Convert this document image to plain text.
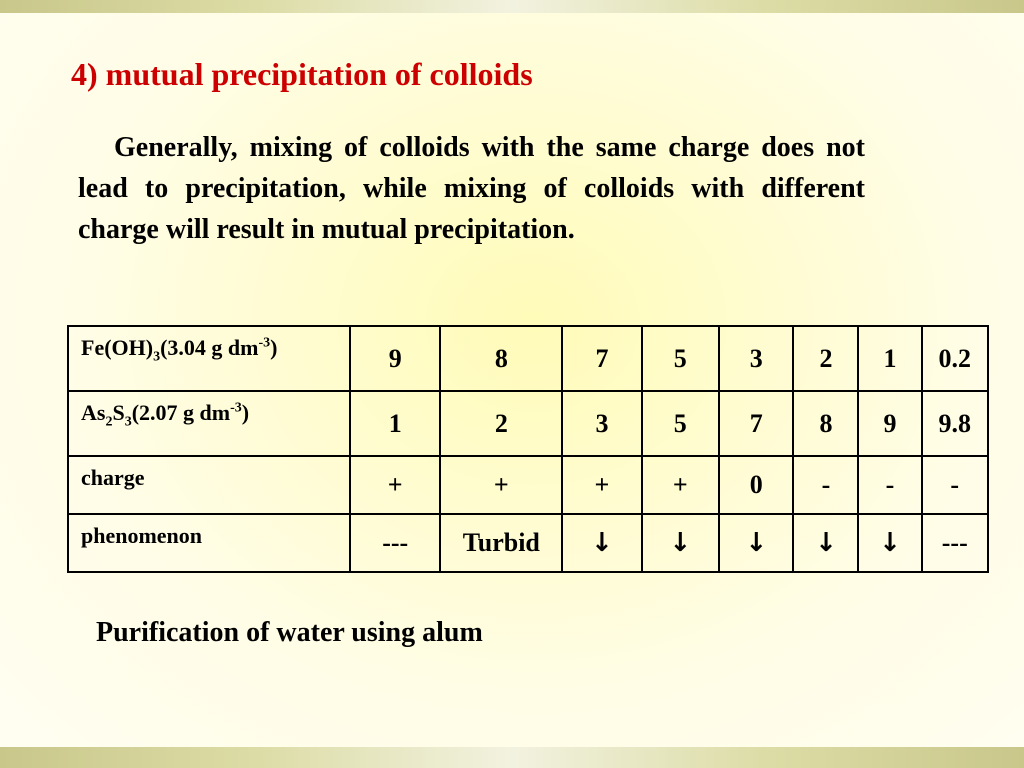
4) mutual precipitation of colloids
Generally, mixing of colloids with the same charge does not lead to precipitation, while mixing of colloids with different charge will result in mutual precipitation.
$Fe(OH)_3(3.04$ g $dm^{-3}$)	9	8	7	5	3	2	1	0.2
$As_2S_3(2.07$ g $dm^{-3}$)	1	2	3	5	7	8	9	9.8
charge	+	+	+	+	0	-	-	-
phenomenon	---	Turbid	↓	↓	↓	↓	↓	---
Purification of water using alum
